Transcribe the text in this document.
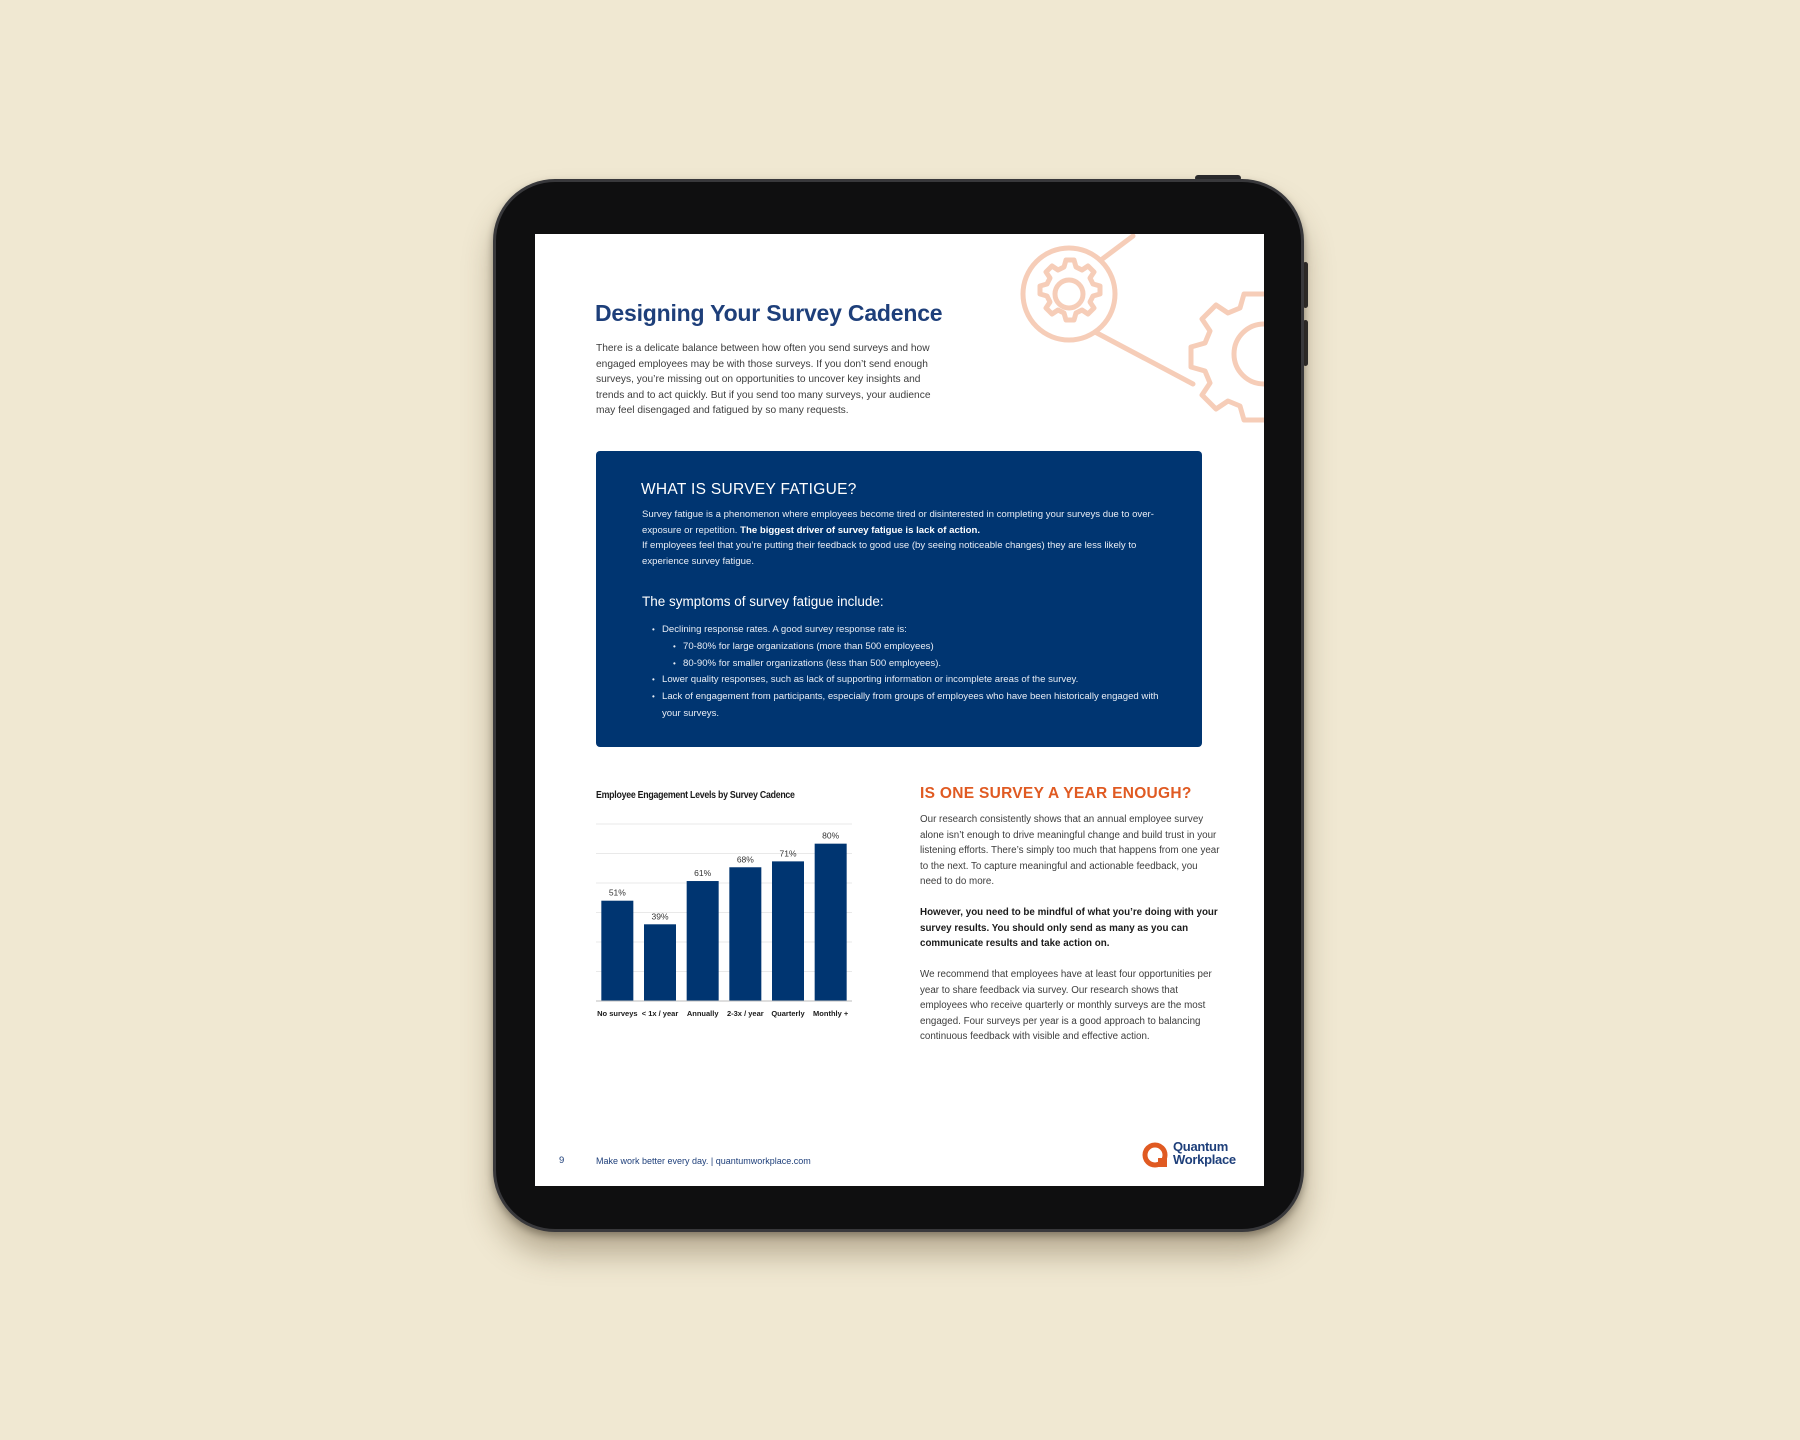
Designing Your Survey Cadence
There is a delicate balance between how often you send surveys and how engaged employees may be with those surveys. If you don’t send enough surveys, you’re missing out on opportunities to uncover key insights and trends and to act quickly. But if you send too many surveys, your audience may feel disengaged and fatigued by so many requests.
WHAT IS SURVEY FATIGUE?
Survey fatigue is a phenomenon where employees become tired or disinterested in completing your surveys due to over-exposure or repetition. The biggest driver of survey fatigue is lack of action.
If employees feel that you’re putting their feedback to good use (by seeing noticeable changes) they are less likely to experience survey fatigue.
The symptoms of survey fatigue include:
• Declining response rates. A good survey response rate is:
• 70-80% for large organizations (more than 500 employees)
• 80-90% for smaller organizations (less than 500 employees).
• Lower quality responses, such as lack of supporting information or incomplete areas of the survey.
• Lack of engagement from participants, especially from groups of employees who have been historically engaged with your surveys.
Employee Engagement Levels by Survey Cadence
51%
No surveys
39%
< 1x / year
61%
Annually
68%
2-3x / year
71%
Quarterly
80%
Monthly +
IS ONE SURVEY A YEAR ENOUGH?

Our research consistently shows that an annual employee survey alone isn’t enough to drive meaningful change and build trust in your listening efforts. There’s simply too much that happens from one year to the next. To capture meaningful and actionable feedback, you need to do more.

However, you need to be mindful of what you’re doing with your survey results. You should only send as many as you can communicate results and take action on.

We recommend that employees have at least four opportunities per year to share feedback via survey. Our research shows that employees who receive quarterly or monthly surveys are the most engaged. Four surveys per year is a good approach to balancing continuous feedback with visible and effective action.

9	Make work better every day. | quantumworkplace.com
Quantum
Workplace
